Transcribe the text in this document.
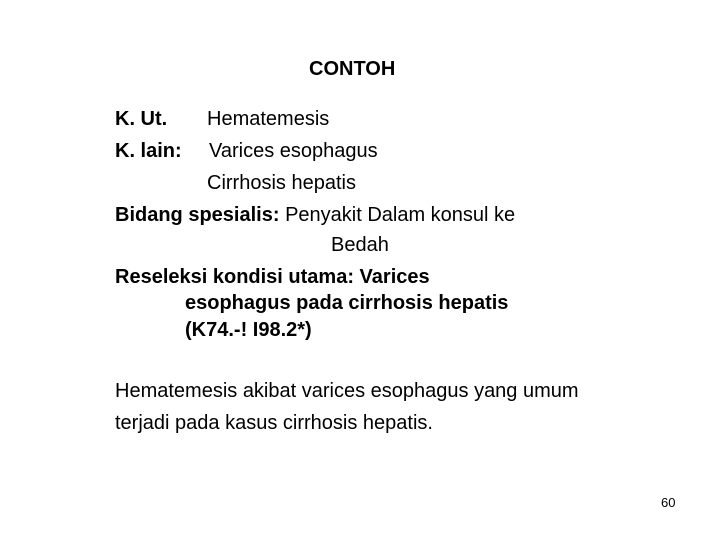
CONTOH
K. Ut. Hematemesis
K. lain: Varices esophagus
Cirrhosis hepatis
Bidang spesialis: Penyakit Dalam konsul ke
Bedah
Reseleksi kondisi utama: Varices
esophagus pada cirrhosis hepatis
(K74.-! I98.2*)
Hematemesis akibat varices esophagus yang umum
terjadi pada kasus cirrhosis hepatis.
60
